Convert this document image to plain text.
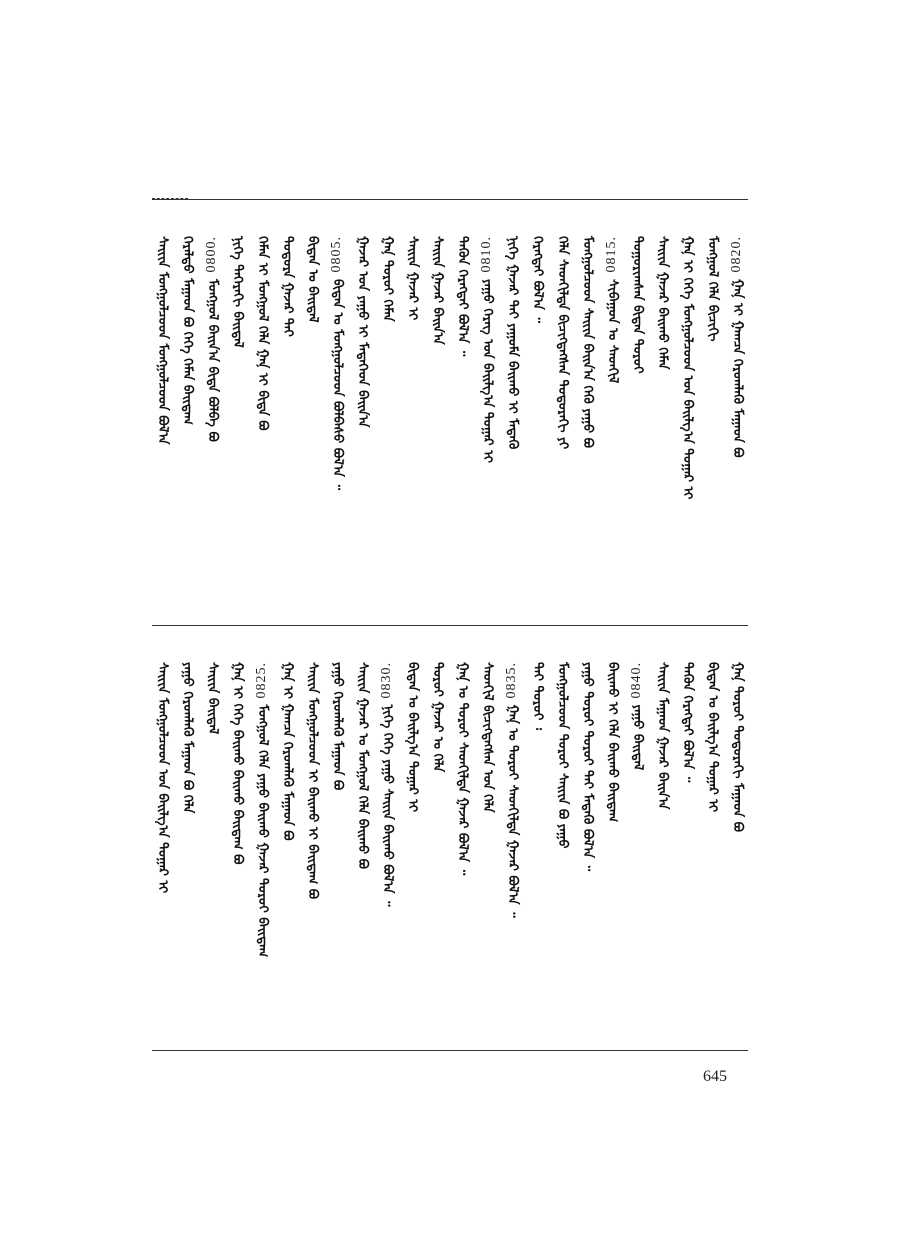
0820.ᠭᠠᠨ᠋ ᠢ ᠭᠠᠭᠴᠠ ᠬᠡᠷᠦᠭ᠍ᠯᠡᠬᠦ ᠮᠠᠭᠠᠳ ᠪᠣ
ᠮᠣᠩᠭᠣᠯ ᠬᠡᠯᠡ ᠪᠢᠴᠢᠭᠢ
ᠭᠠᠨ᠋ ᠢ ᠬᠡᠭᠡ ᠮᠣᠩᠭᠣᠯᠴᠤᠳ ᠤᠨ ᠪᠠᠢᠯᠭ᠎ᠠ ᠳᠤᠭᠠᠷ ᠢ
ᠰᠠᠢᠢᠨ ᠭᠠᠵᠠᠷ ᠪᠠᠢᠬᠤ ᠬᠡᠮᠡᠨ
ᠲᠣᠭᠣᠷᠢᠭᠰᠠᠨ ᠪᠢᠳᠡᠨ ᠳᠣᠷᠣᠢ
0815.ᠰᠢᠪᠠᠭᠤᠨ ᠤ ᠰᠡᠳᠬᠢᠯ
ᠮᠣᠩᠭᠣᠯᠴᠤᠳ ᠰᠠᠢᠢᠨ ᠪᠠᠢᠨ᠎ᠠ ᠭᠡᠬᠦ ᠶᠠᠭᠤ ᠪᠣ
ᠬᠡᠯᠡ ᠰᠡᠳᠬᠢᠯᠳᠡ ᠪᠢᠴᠢᠭᠳᠡᠭᠰᠡᠨ ᠳᠣᠲᠣᠷᠠᠬᠢ ᠶᠢ
ᠬᠡᠷᠡᠭᠲᠡᠢ ᠪᠣᠯ᠎ᠠ ᠃
ᠨᠢᠭᠡ ᠭᠠᠵᠠᠷ ᠲᠠᠢ ᠶᠠᠭᠤᠮᠠ ᠪᠠᠢᠬᠤ ᠢ ᠮᠡᠳᠡᠬᠦ
0810.ᠶᠠᠭᠤ ᠬᠡᠷᠡᠭ ᠤᠨ ᠪᠠᠢᠯᠭ᠎ᠠ ᠳᠤᠭᠠᠷ ᠢ
ᠲᠡᠭᠦᠨ ᠬᠡᠷᠡᠭᠲᠡᠢ ᠪᠣᠯ᠎ᠠ ᠃
ᠰᠠᠢᠢᠨ ᠭᠠᠵᠠᠷ ᠪᠠᠢᠨ᠎ᠠ
ᠰᠠᠢᠢᠨ ᠭᠠᠵᠠᠷ ᠢ
ᠭᠠᠨ᠋ ᠳᠣᠷᠣᠢ ᠬᠡᠮᠡᠨ
ᠭᠠᠵᠠᠷ ᠤᠨ ᠶᠠᠭᠤ ᠢ ᠮᠡᠳᠡᠭᠡᠳ ᠪᠠᠢᠨ᠎ᠠ
0805.ᠪᠢᠳᠡᠨ ᠤ ᠮᠣᠩᠭᠣᠯᠴᠤᠳ ᠪᠣᠯᠪᠠᠰᠤ ᠪᠣᠯ᠎ᠠ ᠃
ᠪᠢᠳᠡᠨ ᠤ ᠪᠠᠢᠳᠠᠯ
ᠳᠣᠲᠣᠷᠠ ᠭᠠᠵᠠᠷ ᠲᠠᠢ
ᠬᠡᠮᠡᠨ ᠢ ᠮᠣᠩᠭᠣᠯ ᠬᠡᠯᠡ ᠭᠠᠨ᠋ ᠢ ᠪᠢᠳᠡ ᠪᠣ
ᠨᠢᠭᠡ ᠳᠡᠭᠡᠷᠡᠬᠢ ᠪᠠᠢᠳᠠᠯ
0800.ᠮᠣᠩᠭᠣᠯ ᠪᠠᠢᠨ᠎ᠠ ᠪᠢᠳᠡ ᠪᠣᠯᠪᠠ ᠪᠣ
ᠭᠡᠷᠡᠯᠲᠦ ᠮᠠᠭᠠᠳ ᠪᠣ ᠬᠡᠭᠡ ᠬᠡᠮᠡᠨ ᠪᠠᠢᠳᠠᠭ
ᠰᠠᠢᠢᠨ ᠮᠣᠩᠭᠣᠯᠴᠤᠳ ᠮᠣᠩᠭᠣᠯᠴᠤᠳ ᠪᠣᠯ᠎ᠠ
ᠭᠠᠨ᠋ ᠳᠣᠷᠣᠢ ᠳᠣᠲᠣᠷᠠᠬᠢ ᠮᠠᠭᠠᠳ ᠪᠣ
ᠪᠢᠳᠡᠨ ᠤ ᠪᠠᠢᠯᠭ᠎ᠠ ᠳᠤᠭᠠᠷ ᠢ
ᠲᠡᠭᠦᠨ ᠬᠡᠷᠡᠭᠲᠡᠢ ᠪᠣᠯ᠎ᠠ ᠃
ᠰᠠᠢᠢᠨ ᠮᠠᠭᠠᠳ ᠭᠠᠵᠠᠷ ᠪᠠᠢᠨ᠎ᠠ
0840.ᠶᠠᠭᠤ ᠪᠠᠢᠳᠠᠯ
ᠪᠠᠢᠬᠤ ᠢ ᠬᠡᠯᠡ ᠪᠠᠢᠬᠤ ᠪᠠᠢᠳᠠᠭ
ᠶᠠᠭᠤ ᠳᠣᠷᠣᠢ ᠳᠣᠷᠣᠢ ᠲᠠᠢ ᠮᠡᠳᠡᠬᠦ ᠪᠣᠯ᠎ᠠ ᠃
ᠮᠣᠩᠭᠣᠯᠴᠤᠳ ᠳᠣᠷᠣᠢ ᠰᠠᠢᠢᠨ ᠪᠣ ᠶᠠᠭᠤ
ᠲᠠᠢ ᠳᠣᠷᠣᠢ ᠄
0835.ᠭᠠᠨ᠋ ᠤ ᠳᠣᠷᠣᠢ ᠰᠡᠳᠬᠢᠯᠳᠡ ᠭᠠᠵᠠᠷ ᠪᠣᠯ᠎ᠠ ᠃
ᠰᠡᠳᠬᠢᠯ ᠪᠢᠴᠢᠭᠳᠡᠭᠰᠡᠨ ᠤᠨ ᠬᠡᠯᠡ
ᠭᠠᠨ᠋ ᠤ ᠳᠣᠷᠣᠢ ᠰᠡᠳᠬᠢᠯᠳᠡ ᠭᠠᠵᠠᠷ ᠪᠣᠯ᠎ᠠ ᠃
ᠳᠣᠷᠣᠢ ᠭᠠᠵᠠᠷ ᠤ ᠬᠡᠯᠡ
ᠪᠢᠳᠡᠨ ᠤ ᠪᠠᠢᠯᠭ᠎ᠠ ᠳᠤᠭᠠᠷ ᠢ
0830.ᠨᠢᠭᠡ ᠬᠡᠭᠡ ᠶᠠᠭᠤ ᠰᠠᠢᠢᠨ ᠪᠠᠢᠬᠤ ᠪᠣᠯ᠎ᠠ ᠃
ᠰᠠᠢᠢᠨ ᠭᠠᠵᠠᠷ ᠤ ᠮᠣᠩᠭᠣᠯ ᠬᠡᠯᠡ ᠪᠠᠢᠬᠤ ᠪᠣ
ᠶᠠᠭᠤ ᠬᠡᠷᠦᠭ᠍ᠯᠡᠬᠦ ᠮᠠᠭᠠᠳ ᠪᠣ
ᠰᠠᠢᠢᠨ ᠮᠣᠩᠭᠣᠯᠴᠤᠳ ᠢ ᠪᠠᠢᠬᠤ ᠢ ᠪᠠᠢᠳᠠᠭ ᠪᠣ
ᠭᠠᠨ᠋ ᠢ ᠭᠠᠭᠴᠠ ᠬᠡᠷᠦᠭ᠍ᠯᠡᠬᠦ ᠮᠠᠭᠠᠳ ᠪᠣ
0825.ᠮᠣᠩᠭᠣᠯ ᠬᠡᠯᠡ ᠶᠠᠭᠤ ᠪᠠᠢᠬᠤ ᠭᠠᠵᠠᠷ ᠳᠣᠷᠣᠢ ᠪᠠᠢᠳᠠᠭ
ᠭᠠᠨ᠋ ᠢ ᠬᠡᠭᠡ ᠪᠠᠢᠬᠤ ᠪᠠᠢᠬᠤ ᠪᠠᠢᠳᠠᠭ ᠪᠣ
ᠰᠠᠢᠢᠨ ᠪᠠᠢᠳᠠᠯ
ᠶᠠᠭᠤ ᠬᠡᠷᠦᠭ᠍ᠯᠡᠬᠦ ᠮᠠᠭᠠᠳ ᠪᠣ ᠬᠡᠯᠡ
ᠰᠠᠢᠢᠨ ᠮᠣᠩᠭᠣᠯᠴᠤᠳ ᠤᠨ ᠪᠠᠢᠯᠭ᠎ᠠ ᠳᠤᠭᠠᠷ ᠢ
645
